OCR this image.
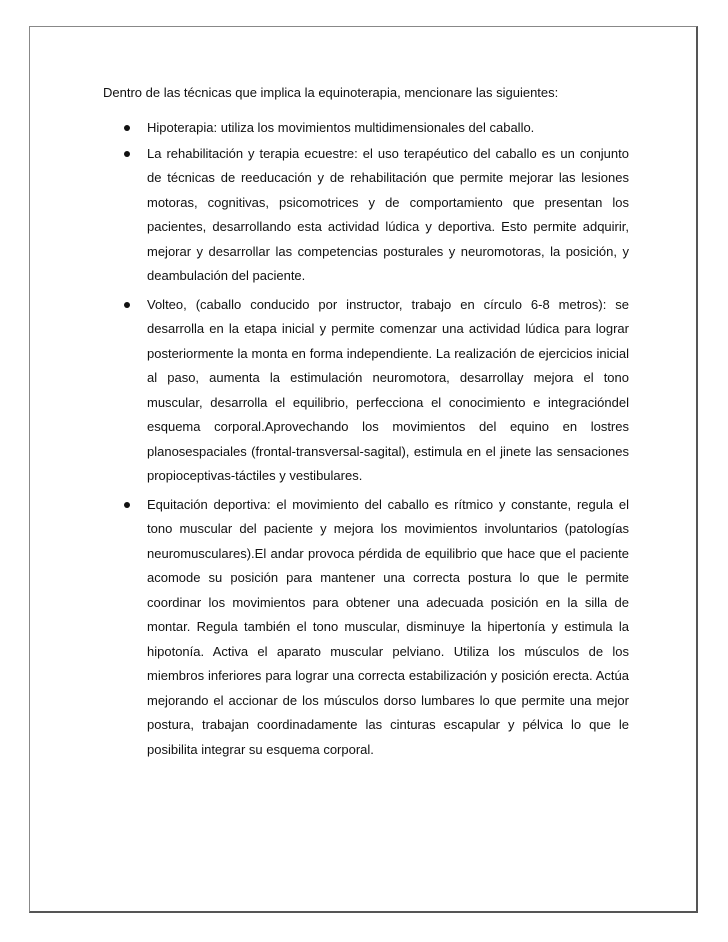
Dentro de las técnicas que implica la equinoterapia, mencionare las siguientes:

Hipoterapia: utiliza los movimientos multidimensionales del caballo.
La rehabilitación y terapia ecuestre: el uso terapéutico del caballo es un conjunto de técnicas de reeducación y de rehabilitación que permite mejorar las lesiones motoras, cognitivas, psicomotrices y de comportamiento que presentan los pacientes, desarrollando esta actividad lúdica y deportiva. Esto permite adquirir, mejorar y desarrollar las competencias posturales y neuromotoras, la posición, y deambulación del paciente.
Volteo, (caballo conducido por instructor, trabajo en círculo 6-8 metros): se desarrolla en la etapa inicial y permite comenzar una actividad lúdica para lograr posteriormente la monta en forma independiente. La realización de ejercicios inicial al paso, aumenta la estimulación neuromotora, desarrollay mejora el tono muscular, desarrolla el equilibrio, perfecciona el conocimiento e integracióndel esquema corporal.Aprovechando los movimientos del equino en lostres planosespaciales (frontal-transversal-sagital), estimula en el jinete las sensaciones propioceptivas-táctiles y vestibulares.
Equitación deportiva: el movimiento del caballo es rítmico y constante, regula el tono muscular del paciente y mejora los movimientos involuntarios (patologías neuromusculares).El andar provoca pérdida de equilibrio que hace que el paciente acomode su posición para mantener una correcta postura lo que le permite coordinar los movimientos para obtener una adecuada posición en la silla de montar. Regula también el tono muscular, disminuye la hipertonía y estimula la hipotonía. Activa el aparato muscular pelviano. Utiliza los músculos de los miembros inferiores para lograr una correcta estabilización y posición erecta. Actúa mejorando el accionar de los músculos dorso lumbares lo que permite una mejor postura, trabajan coordinadamente las cinturas escapular y pélvica lo que le posibilita integrar su esquema corporal.
